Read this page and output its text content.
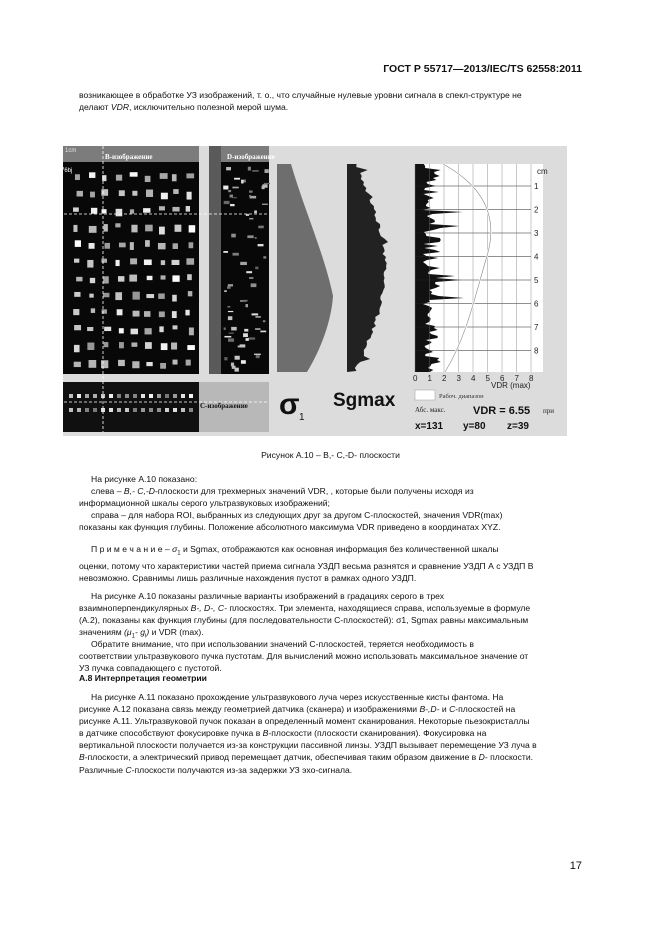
ГОСТ Р 55717—2013/IEC/TS 62558:2011

возникающее в обработке УЗ изображений, т. о., что случайные нулевые уровни сигнала в спекл-структуре не
делают VDR, исключительно полезной мерой шума.

1
2
3
4
5
6
7
8
0 1 2 3 4 5 6 7 8
1cm
76bj
B-изображение	D-изображение
C-изображение σ 1
Sgmax
cm
VDR (max)
Рабоч. диапазон
Абс. макс.	VDR = 6.55 при
x=131 y=80 z=39
Рисунок А.10 – B,- C,-D- плоскости

На рисунке А.10 показано:
слева – B,- C,-D-плоскости для трехмерных значений VDR, , которые были получены исходя из
информационной шкалы серого ультразвуковых изображений;
справа – для набора ROI, выбранных из следующих друг за другом C-плоскостей, значения VDR(max)
показаны как функция глубины. Положение абсолютного максимума VDR приведено в координатах XYZ.

П р и м е ч а н и е – $\sigma_1$ и Sgmax, отображаются как основная информация без количественной шкалы
оценки, потому что характеристики частей приема сигнала УЗДП весьма разнятся и сравнение УЗДП А с УЗДП В
невозможно. Сравнимы лишь различные нахождения пустот в рамках одного УЗДП.

На рисунке А.10 показаны различные варианты изображений в градациях серого в трех
взаимноперпендикулярных B-, D-, C- плоскостях. Три элемента, находящиеся справа, используемые в формуле
(А.2), показаны как функция глубины (для последовательности C-плоскостей): σ1, Sgmax равны максимальным
значениям ($\mu_1-$ $g_i$) и VDR (max).

Обратите внимание, что при использовании значений С-плоскостей, теряется необходимость в
соответствии ультразвукового пучка пустотам. Для вычислений можно использовать максимальное значение от
УЗ пучка совпадающего с пустотой.

А.8 Интерпретация геометрии

На рисунке А.11 показано прохождение ультразвукового луча через искусственные кисты фантома. На
рисунке А.12 показана связь между геометрией датчика (сканера) и изображениями B-,D- и C-плоскостей на
рисунке А.11. Ультразвуковой пучок показан в определенный момент сканирования. Некоторые пьезокристаллы
в датчике способствуют фокусировке пучка в B-плоскости (плоскости сканирования). Фокусировка на
вертикальной плоскости получается из-за конструкции пассивной линзы. УЗДП вызывает перемещение УЗ луча в
B-плоскости, а электрический привод перемещает датчик, обеспечивая таким образом движение в D- плоскости.
Различные C-плоскости получаются из-за задержки УЗ эхо-сигнала.

17
